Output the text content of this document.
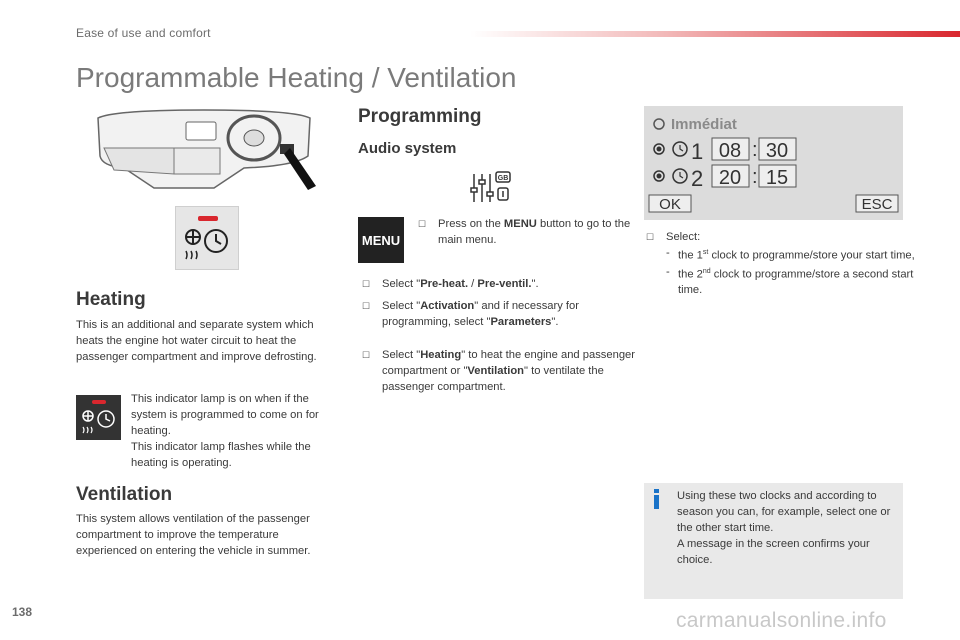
Ease of use and comfort
Programmable Heating / Ventilation
Heating
This is an additional and separate system which heats the engine hot water circuit to heat the passenger compartment and improve defrosting.
This indicator lamp is on when if the system is programmed to come on for heating.
This indicator lamp flashes while the heating is operating.
Ventilation
This system allows ventilation of the passenger compartment to improve the temperature experienced on entering the vehicle in summer.
Programming
Audio system
GB
MENU
☐ Press on the MENU button to go to the main menu.
☐ Select "Pre-heat. / Pre-ventil.".
☐ Select "Activation" and if necessary for programming, select "Parameters".
☐ Select "Heating" to heat the engine and passenger compartment or "Ventilation" to ventilate the passenger compartment.
Immédiat
1 08 : 30
2 20 : 15
OK	ESC
☐ Select:
- the 1st clock to programme/store your start time,
- the 2nd clock to programme/store a second start time.
Using these two clocks and according to season you can, for example, select one or the other start time.
A message in the screen confirms your choice.
138	carmanualsonline.info
